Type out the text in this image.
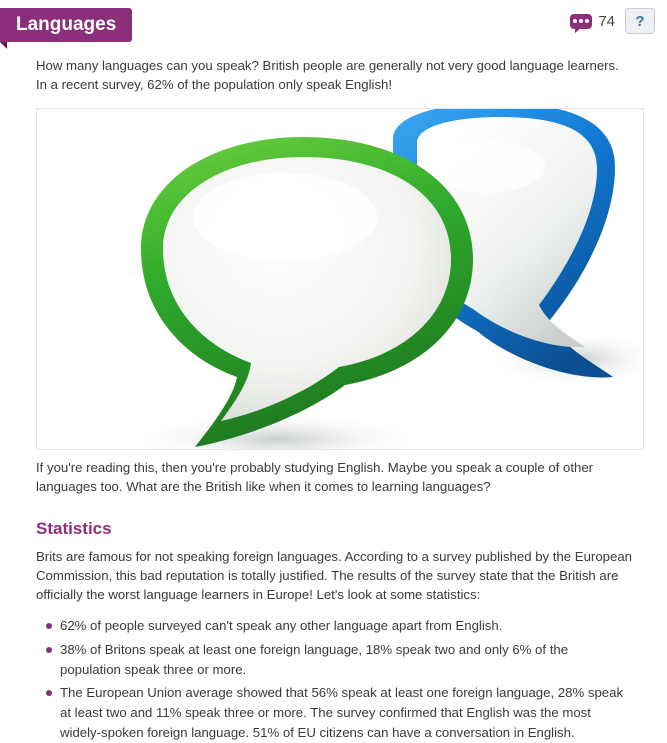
Languages	74	?

How many languages can you speak? British people are generally not very good language learners. In a recent survey, 62% of the population only speak English!

If you're reading this, then you're probably studying English. Maybe you speak a couple of other languages too. What are the British like when it comes to learning languages?

Statistics

Brits are famous for not speaking foreign languages. According to a survey published by the European Commission, this bad reputation is totally justified. The results of the survey state that the British are officially the worst language learners in Europe! Let's look at some statistics:

62% of people surveyed can't speak any other language apart from English.
38% of Britons speak at least one foreign language, 18% speak two and only 6% of the population speak three or more.
The European Union average showed that 56% speak at least one foreign language, 28% speak at least two and 11% speak three or more. The survey confirmed that English was the most widely-spoken foreign language. 51% of EU citizens can have a conversation in English.
